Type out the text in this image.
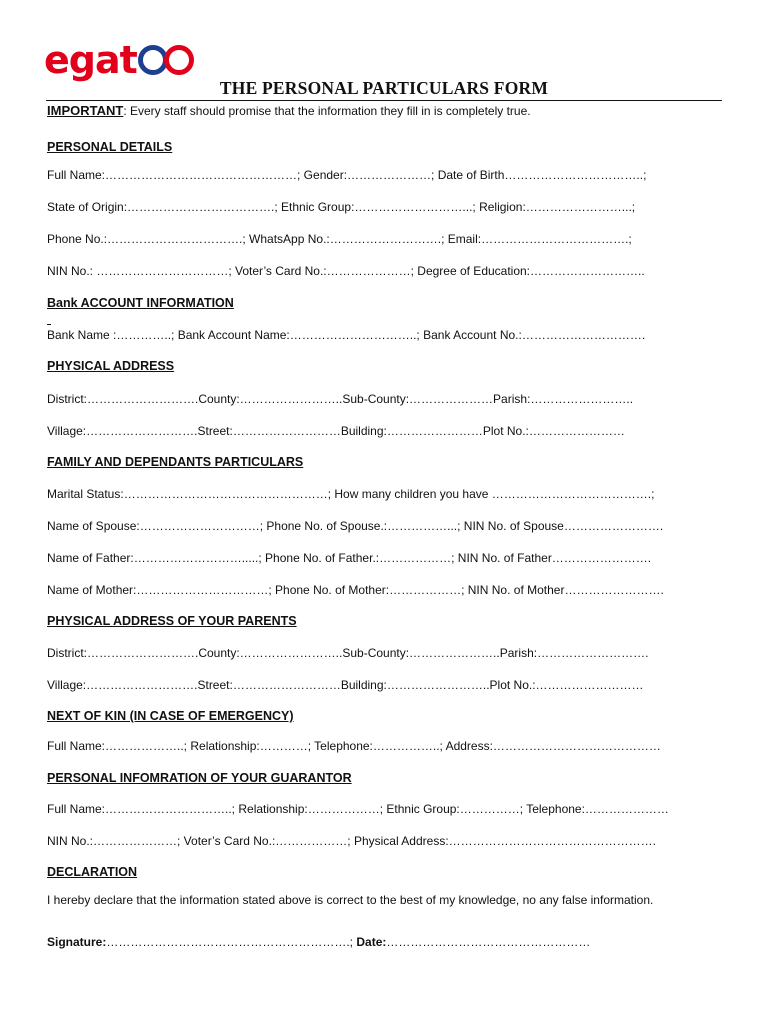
egat
THE PERSONAL PARTICULARS FORM
IMPORTANT: Every staff should promise that the information they fill in is completely true.
PERSONAL DETAILS
Full Name:…………………………………………; Gender:…………………; Date of Birth……………………………..;
State of Origin:……………………………….; Ethnic Group:………………………...; Religion:……………………...;
Phone No.:…………………………….; WhatsApp No.:……………………….; Email:……………………………….;
NIN No.: ……………………………; Voter’s Card No.:…………………; Degree of Education:………………………..
Bank ACCOUNT INFORMATION
Bank Name :…………..; Bank Account Name:…………………………..; Bank Account No.:………………………….
PHYSICAL ADDRESS
District:……………………….County:……………………..Sub-County:…………………Parish:……………………..
Village:……………………….Street:………………………Building:……………………Plot No.:……………………
FAMILY AND DEPENDANTS PARTICULARS
Marital Status:……………………………………………; How many children you have ………………………………….;
Name of Spouse:…………………………; Phone No. of Spouse.:……………...; NIN No. of Spouse…………………….
Name of Father:……………………….....; Phone No. of Father.:………………; NIN No. of Father…………………….
Name of Mother:……………………………; Phone No. of Mother:………………; NIN No. of Mother…………………….
PHYSICAL ADDRESS OF YOUR PARENTS
District:……………………….County:……………………..Sub-County:…………………..Parish:……………………….
Village:……………………….Street:………………………Building:……………………..Plot No.:………………………
NEXT OF KIN (IN CASE OF EMERGENCY)
Full Name:………………..; Relationship:…………; Telephone:……………..; Address:……………………………………
PERSONAL INFOMRATION OF YOUR GUARANTOR
Full Name:…………………………..; Relationship:………………; Ethnic Group:……………; Telephone:…………………
NIN No.:…………………; Voter’s Card No.:………………; Physical Address:…………………………………………….
DECLARATION
I hereby declare that the information stated above is correct to the best of my knowledge, no any false information.
Signature:…………………………………………………….; Date:……………………………………………
